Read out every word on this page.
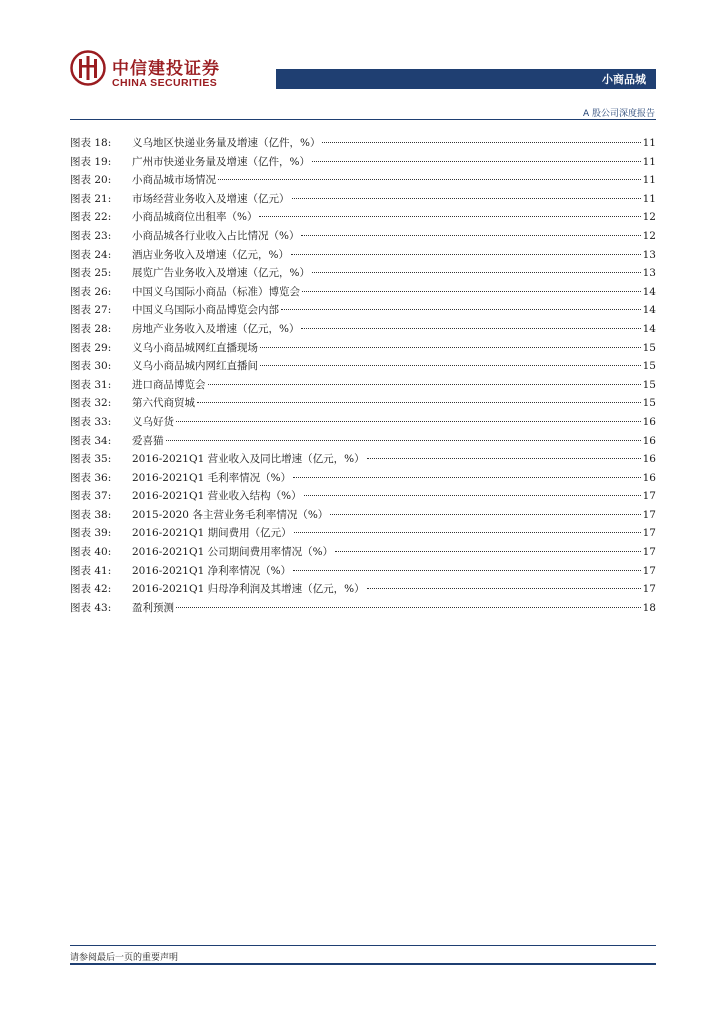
中信建投证券
CHINA SECURITIES	小商品城
A 股公司深度报告
图表 18:	义乌地区快递业务量及增速（亿件，%）	11
图表 19:	广州市快递业务量及增速（亿件，%）	11
图表 20:	小商品城市场情况	11
图表 21:	市场经营业务收入及增速（亿元）	11
图表 22:	小商品城商位出租率（%）	12
图表 23:	小商品城各行业收入占比情况（%）	12
图表 24:	酒店业务收入及增速（亿元，%）	13
图表 25:	展览广告业务收入及增速（亿元，%）	13
图表 26:	中国义乌国际小商品（标准）博览会	14
图表 27:	中国义乌国际小商品博览会内部	14
图表 28:	房地产业务收入及增速（亿元，%）	14
图表 29:	义乌小商品城网红直播现场	15
图表 30:	义乌小商品城内网红直播间	15
图表 31:	进口商品博览会	15
图表 32:	第六代商贸城	15
图表 33:	义乌好货	16
图表 34:	爱喜猫	16
图表 35:	2016-2021Q1 营业收入及同比增速（亿元，%）	16
图表 36:	2016-2021Q1 毛利率情况（%）	16
图表 37:	2016-2021Q1 营业收入结构（%）	17
图表 38:	2015-2020 各主营业务毛利率情况（%）	17
图表 39:	2016-2021Q1 期间费用（亿元）	17
图表 40:	2016-2021Q1 公司期间费用率情况（%）	17
图表 41:	2016-2021Q1 净利率情况（%）	17
图表 42:	2016-2021Q1 归母净利润及其增速（亿元，%）	17
图表 43:	盈利预测	18
请参阅最后一页的重要声明
